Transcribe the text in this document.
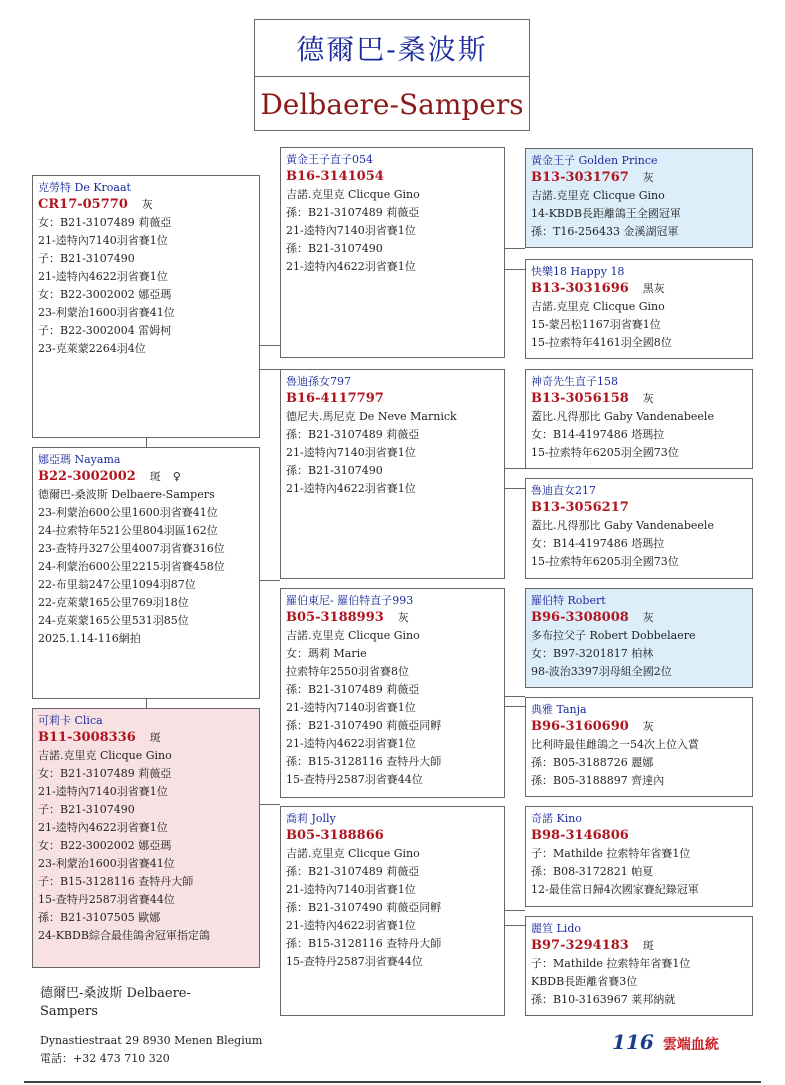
德爾巴-桑波斯
Delbaere-Sampers
克勞特 De Kroaat
CR17-05770 灰
女：B21-3107489 莉薇亞
21-逵特內7140羽省賽1位
子：B21-3107490
21-逵特內4622羽省賽1位
女：B22-3002002 娜亞瑪
23-利蒙治1600羽省賽41位
子：B22-3002004 雷姆柯
23-克萊蒙2264羽4位
娜亞瑪 Nayama
B22-3002002 斑 ♀
德爾巴-桑波斯 Delbaere-Sampers
23-利蒙治600公里1600羽省賽41位
24-拉索特年521公里804羽區162位
23-查特丹327公里4007羽省賽316位
24-利蒙治600公里2215羽省賽458位
22-布里翁247公里1094羽87位
22-克萊蒙165公里769羽18位
24-克萊蒙165公里531羽85位
2025.1.14-116網拍
可莉卡 Clica
B11-3008336 斑
吉諾.克里克 Clicque Gino
女：B21-3107489 莉薇亞
21-逵特內7140羽省賽1位
子：B21-3107490
21-逵特內4622羽省賽1位
女：B22-3002002 娜亞瑪
23-利蒙治1600羽省賽41位
子：B15-3128116 查特丹大師
15-查特丹2587羽省賽44位
孫：B21-3107505 歐娜
24-KBDB綜合最佳鴿舍冠軍指定鴿
黃金王子直子054
B16-3141054
吉諾.克里克 Clicque Gino
孫：B21-3107489 莉薇亞
21-逵特內7140羽省賽1位
孫：B21-3107490
21-逵特內4622羽省賽1位
魯迪孫女797
B16-4117797
德尼夫.馬尼克 De Neve Marnick
孫：B21-3107489 莉薇亞
21-逵特內7140羽省賽1位
孫：B21-3107490
21-逵特內4622羽省賽1位
羅伯東尼- 羅伯特直子993
B05-3188993 灰
吉諾.克里克 Clicque Gino
女：瑪莉 Marie
拉索特年2550羽省賽8位
孫：B21-3107489 莉薇亞
21-逵特內7140羽省賽1位
孫：B21-3107490 莉薇亞同孵
21-逵特內4622羽省賽1位
孫：B15-3128116 查特丹大師
15-查特丹2587羽省賽44位
喬莉 Jolly
B05-3188866
吉諾.克里克 Clicque Gino
孫：B21-3107489 莉薇亞
21-逵特內7140羽省賽1位
孫：B21-3107490 莉薇亞同孵
21-逵特內4622羽省賽1位
孫：B15-3128116 查特丹大師
15-查特丹2587羽省賽44位
黃金王子 Golden Prince
B13-3031767 灰
吉諾.克里克 Clicque Gino
14-KBDB長距離鴿王全國冠軍
孫：T16-256433 金溪湖冠軍
快樂18 Happy 18
B13-3031696 黑灰
吉諾.克里克 Clicque Gino
15-蒙呂松1167羽省賽1位
15-拉索特年4161羽全國8位
神奇先生直子158
B13-3056158 灰
蓋比.凡得那比 Gaby Vandenabeele
女：B14-4197486 塔瑪拉
15-拉索特年6205羽全國73位
魯迪直女217
B13-3056217
蓋比.凡得那比 Gaby Vandenabeele
女：B14-4197486 塔瑪拉
15-拉索特年6205羽全國73位
羅伯特 Robert
B96-3308008 灰
多布拉父子 Robert Dobbelaere
女：B97-3201817 柏林
98-波治3397羽母組全國2位
典雅 Tanja
B96-3160690 灰
比利時最佳雌鴿之一54次上位入賞
孫：B05-3188726 麗娜
孫：B05-3188897 齊達內
奇諾 Kino
B98-3146806
子：Mathilde 拉索特年省賽1位
孫：B08-3172821 帕夏
12-最佳當日歸4次國家賽紀錄冠軍
麗笪 Lido
B97-3294183 斑
子：Mathilde 拉索特年省賽1位
KBDB長距離省賽3位
孫：B10-3163967 莱邦納就
德爾巴-桑波斯 Delbaere-Sampers
Dynastiestraat 29 8930 Menen Blegium
電話：+32 473 710 320
116 雲端血統
